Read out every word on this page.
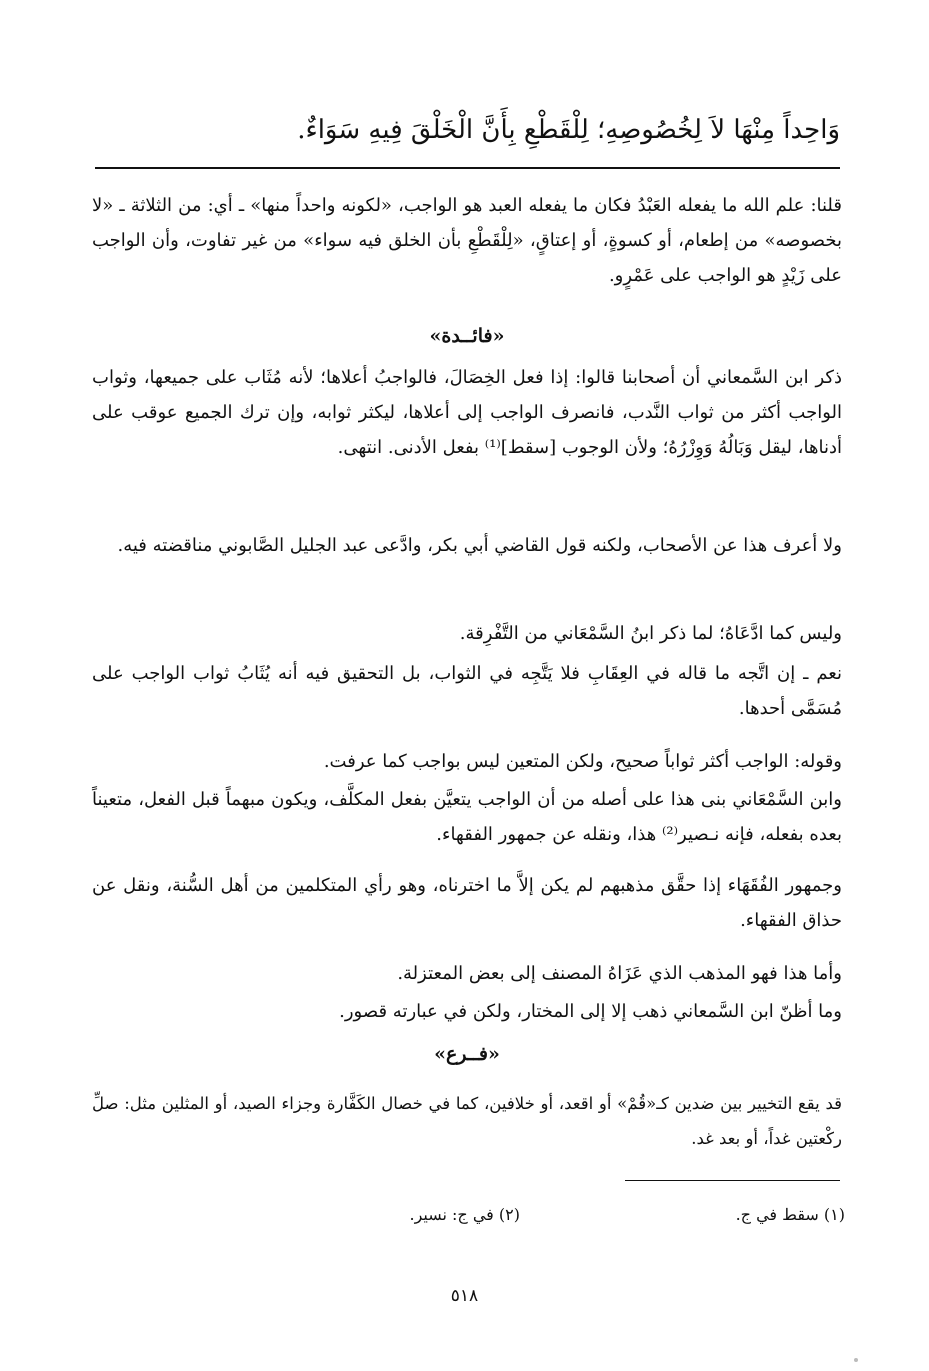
وَاحِداً مِنْهَا لاَ لِخُصُوصِهِ؛ لِلْقَطْعِ بِأَنَّ الْخَلْقَ فِيهِ سَوَاءٌ.

قلنا: علم الله ما يفعله العَبْدُ فكان ما يفعله العبد هو الواجب، «لكونه واحداً منها» ـ أي: من الثلاثة ـ «لا بخصوصه» من إطعام، أو كسوةٍ، أو إعتاقٍ، «لِلْقَطْعِ بأن الخلق فيه سواء» من غير تفاوت، وأن الواجب على زَيْدٍ هو الواجب على عَمْرٍو.

«فائــدة»

ذكر ابن السَّمعاني أن أصحابنا قالوا: إذا فعل الخِصَالَ، فالواجبُ أعلاها؛ لأنه مُثَاب على جميعها، وثواب الواجب أكثر من ثواب النَّدب، فانصرف الواجب إلى أعلاها، ليكثر ثوابه، وإن ترك الجميع عوقب على أدناها، ليقل وَبَالُهُ وَوِزْرُهُ؛ ولأن الوجوب [سقط]⁽¹⁾ بفعل الأدنى. انتهى.

ولا أعرف هذا عن الأصحاب، ولكنه قول القاضي أبي بكر، وادَّعى عبد الجليل الصَّابوني مناقضته فيه.

وليس كما ادَّعَاهُ؛ لما ذكر ابنُ السَّمْعَاني من التَّفْرِقة.

نعم ـ إن اتَّجه ما قاله في العِقَابِ فلا يَتَّجِه في الثواب، بل التحقيق فيه أنه يُثَابُ ثواب الواجب على مُسَمَّى أحدها.

وقوله: الواجب أكثر ثواباً صحيح، ولكن المتعين ليس بواجب كما عرفت.

وابن السَّمْعَاني بنى هذا على أصله من أن الواجب يتعيَّن بفعل المكلَّف، ويكون مبهماً قبل الفعل، متعيناً بعده بفعله، فإنه نـصير⁽²⁾ هذا، ونقله عن جمهور الفقهاء.

وجمهور الفُقَهَاء إذا حقَّق مذهبهم لم يكن إلاَّ ما اخترناه، وهو رأي المتكلمين من أهل السُّنة، ونقل عن حذاق الفقهاء.

وأما هذا فهو المذهب الذي عَزَاهُ المصنف إلى بعض المعتزلة.

وما أظنّ ابن السَّمعاني ذهب إلا إلى المختار، ولكن في عبارته قصور.

«فــرع»

قد يقع التخيير بين ضدين كـ«قُمْ» أو اقعد، أو خلافين، كما في خصال الكَفَّارة وجزاء الصيد، أو المثلين مثل: صلِّ ركْعتين غداً، أو بعد غد.

(١) سقط في ج.
(٢) في ج: نسير.
٥١٨
